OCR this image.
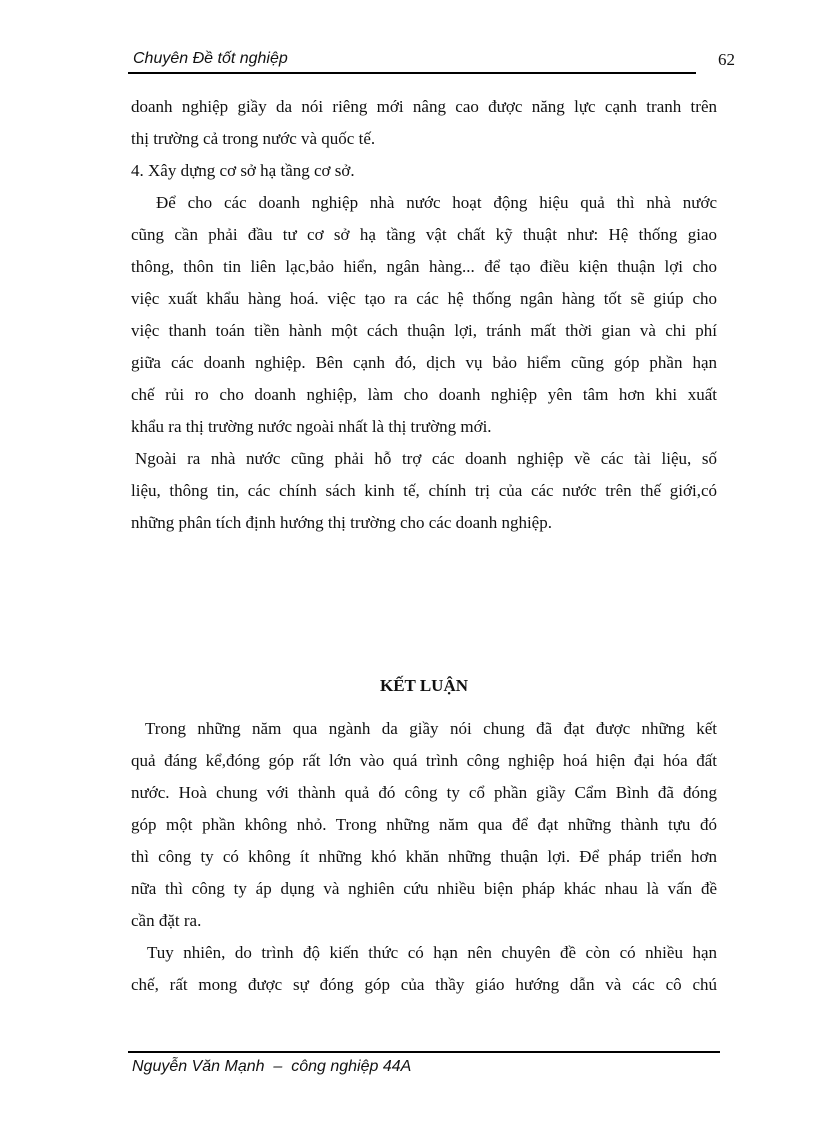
Chuyên Đề tốt nghiệp	62
doanh nghiệp giầy da nói riêng mới nâng cao được năng lực cạnh tranh trên
thị trường cả trong nước và quốc tế.
4. Xây dựng cơ sở hạ tầng cơ sở.
Để cho các doanh nghiệp nhà nước hoạt động hiệu quả thì nhà nước
cũng cần phải đầu tư cơ sở hạ tầng vật chất kỹ thuật như: Hệ thống giao
thông, thôn tin liên lạc,bảo hiển, ngân hàng... để tạo điều kiện thuận lợi cho
việc xuất khẩu hàng hoá. việc tạo ra các hệ thống ngân hàng tốt sẽ giúp cho
việc thanh toán tiền hành một cách thuận lợi, tránh mất thời gian và chi phí
giữa các doanh nghiệp. Bên cạnh đó, dịch vụ bảo hiểm cũng góp phần hạn
chế rủi ro cho doanh nghiệp, làm cho doanh nghiệp yên tâm hơn khi xuất
khẩu ra thị trường nước ngoài nhất là thị trường mới.
Ngoài ra nhà nước cũng phải hỗ trợ các doanh nghiệp về các tài liệu, số
liệu, thông tin, các chính sách kinh tế, chính trị của các nước trên thế giới,có
những phân tích định hướng thị trường cho các doanh nghiệp.
KẾT LUẬN
Trong những năm qua ngành da giầy nói chung đã đạt được những kết
quả đáng kể,đóng góp rất lớn vào quá trình công nghiệp hoá hiện đại hóa đất
nước. Hoà chung với thành quả đó công ty cổ phần giầy Cẩm Bình đã đóng
góp một phần không nhỏ. Trong những năm qua để đạt những thành tựu đó
thì công ty có không ít những khó khăn những thuận lợi. Để pháp triển hơn
nữa thì công ty áp dụng và nghiên cứu nhiều biện pháp khác nhau là vấn đề
cần đặt ra.
Tuy nhiên, do trình độ kiến thức có hạn nên chuyên đề còn có nhiều hạn
chế, rất mong được sự đóng góp của thầy giáo hướng dẫn và các cô chú
Nguyễn Văn Mạnh  –  công nghiệp 44A
